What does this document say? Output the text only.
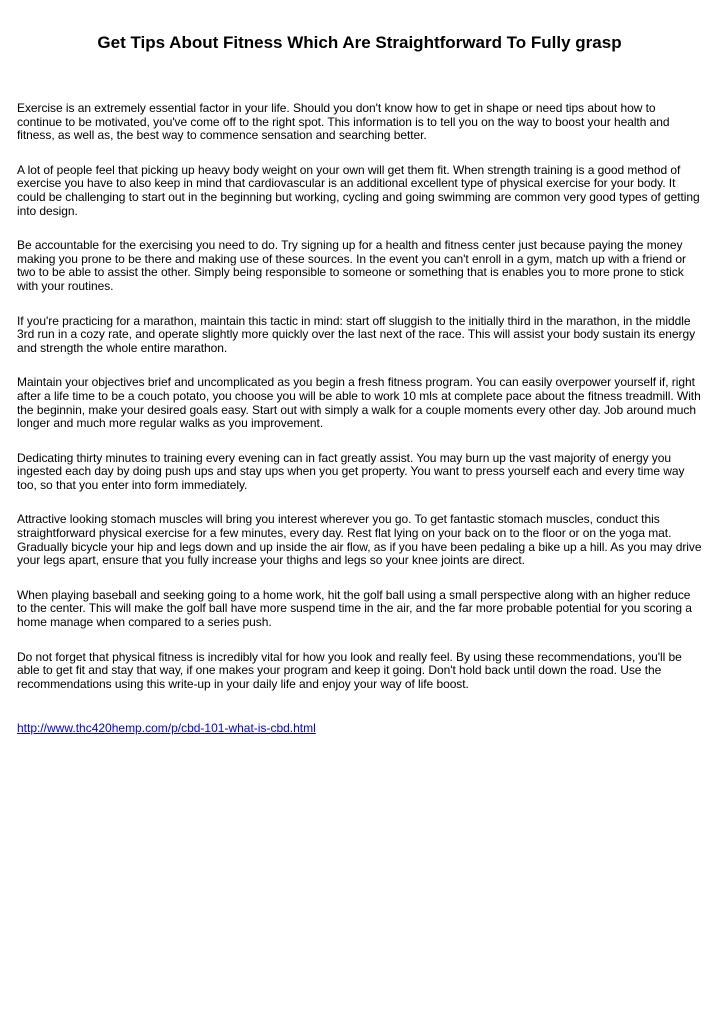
Get Tips About Fitness Which Are Straightforward To Fully grasp

Exercise is an extremely essential factor in your life. Should you don't know how to get in shape or need tips about how to continue to be motivated, you've come off to the right spot. This information is to tell you on the way to boost your health and fitness, as well as, the best way to commence sensation and searching better.

A lot of people feel that picking up heavy body weight on your own will get them fit. When strength training is a good method of exercise you have to also keep in mind that cardiovascular is an additional excellent type of physical exercise for your body. It could be challenging to start out in the beginning but working, cycling and going swimming are common very good types of getting into design.

Be accountable for the exercising you need to do. Try signing up for a health and fitness center just because paying the money making you prone to be there and making use of these sources. In the event you can't enroll in a gym, match up with a friend or two to be able to assist the other. Simply being responsible to someone or something that is enables you to more prone to stick with your routines.

If you're practicing for a marathon, maintain this tactic in mind: start off sluggish to the initially third in the marathon, in the middle 3rd run in a cozy rate, and operate slightly more quickly over the last next of the race. This will assist your body sustain its energy and strength the whole entire marathon.

Maintain your objectives brief and uncomplicated as you begin a fresh fitness program. You can easily overpower yourself if, right after a life time to be a couch potato, you choose you will be able to work 10 mls at complete pace about the fitness treadmill. With the beginnin, make your desired goals easy. Start out with simply a walk for a couple moments every other day. Job around much longer and much more regular walks as you improvement.

Dedicating thirty minutes to training every evening can in fact greatly assist. You may burn up the vast majority of energy you ingested each day by doing push ups and stay ups when you get property. You want to press yourself each and every time way too, so that you enter into form immediately.

Attractive looking stomach muscles will bring you interest wherever you go. To get fantastic stomach muscles, conduct this straightforward physical exercise for a few minutes, every day. Rest flat lying on your back on to the floor or on the yoga mat. Gradually bicycle your hip and legs down and up inside the air flow, as if you have been pedaling a bike up a hill. As you may drive your legs apart, ensure that you fully increase your thighs and legs so your knee joints are direct.

When playing baseball and seeking going to a home work, hit the golf ball using a small perspective along with an higher reduce to the center. This will make the golf ball have more suspend time in the air, and the far more probable potential for you scoring a home manage when compared to a series push.

Do not forget that physical fitness is incredibly vital for how you look and really feel. By using these recommendations, you'll be able to get fit and stay that way, if one makes your program and keep it going. Don't hold back until down the road. Use the recommendations using this write-up in your daily life and enjoy your way of life boost.

http://www.thc420hemp.com/p/cbd-101-what-is-cbd.html
